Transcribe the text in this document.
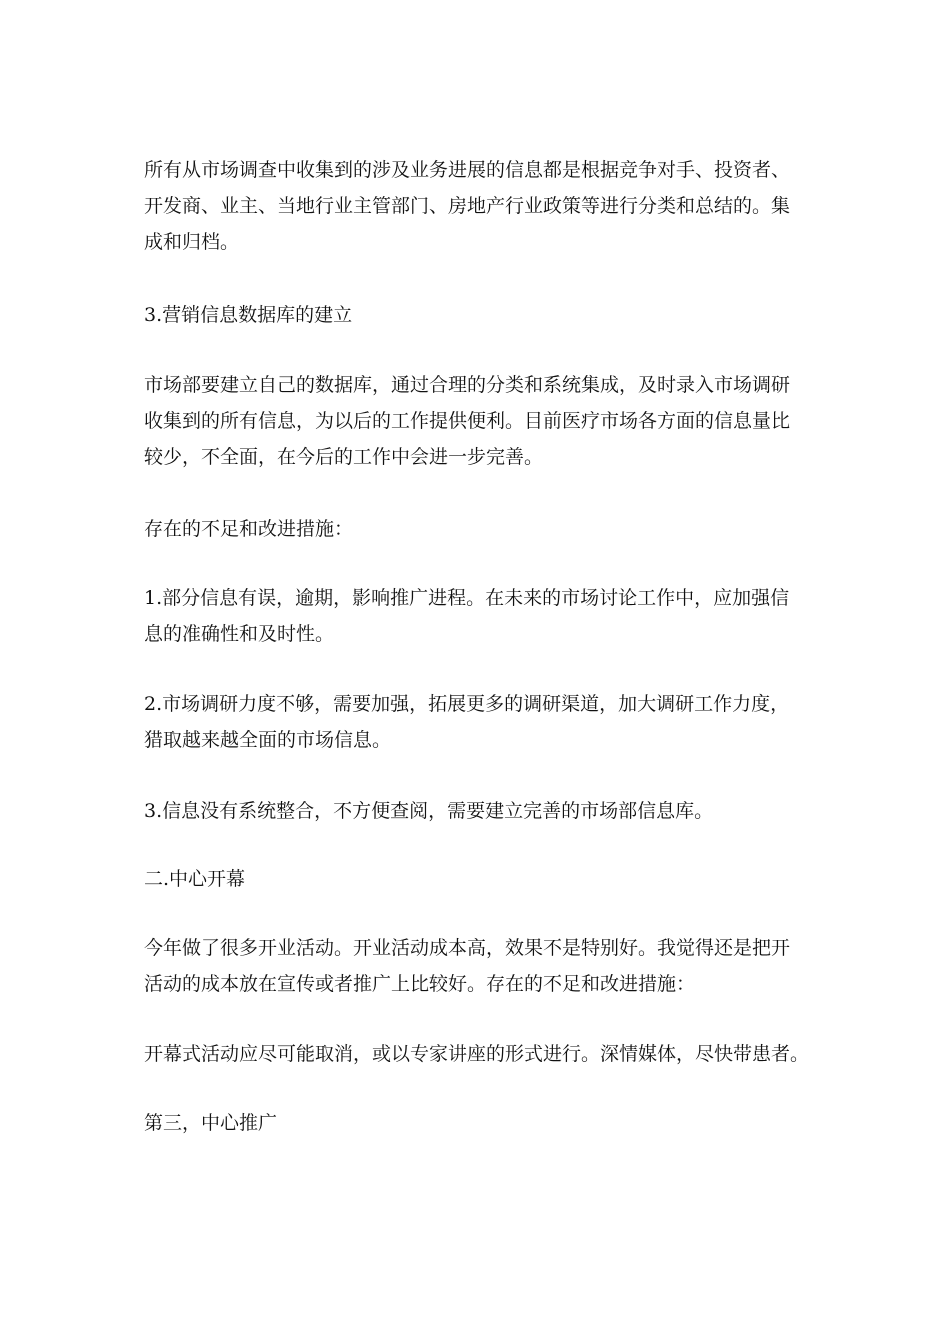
所有从市场调查中收集到的涉及业务进展的信息都是根据竞争对手、投资者、
开发商、业主、当地行业主管部门、房地产行业政策等进行分类和总结的。集
成和归档。

3.营销信息数据库的建立

市场部要建立自己的数据库，通过合理的分类和系统集成，及时录入市场调研
收集到的所有信息，为以后的工作提供便利。目前医疗市场各方面的信息量比
较少，不全面，在今后的工作中会进一步完善。

存在的不足和改进措施：

1.部分信息有误，逾期，影响推广进程。在未来的市场讨论工作中，应加强信
息的准确性和及时性。

2.市场调研力度不够，需要加强，拓展更多的调研渠道，加大调研工作力度，
猎取越来越全面的市场信息。

3.信息没有系统整合，不方便查阅，需要建立完善的市场部信息库。

二.中心开幕

今年做了很多开业活动。开业活动成本高，效果不是特别好。我觉得还是把开
活动的成本放在宣传或者推广上比较好。存在的不足和改进措施：

开幕式活动应尽可能取消，或以专家讲座的形式进行。深情媒体，尽快带患者。

第三，中心推广
